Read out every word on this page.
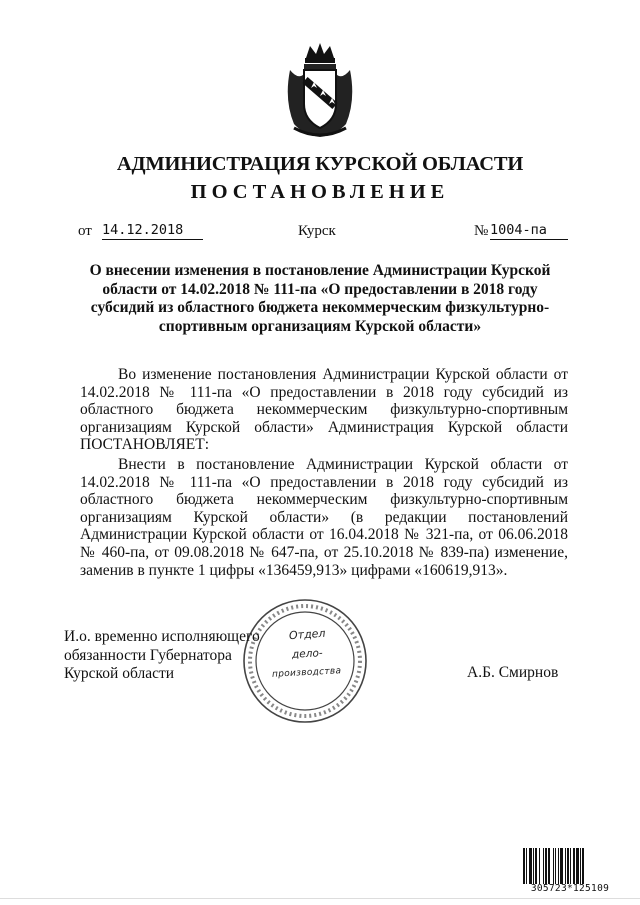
АДМИНИСТРАЦИЯ КУРСКОЙ ОБЛАСТИ
ПОСТАНОВЛЕНИЕ
от 14.12.2018	Курск	№ 1004-па
О внесении изменения в постановление Администрации Курской области от 14.02.2018 № 111-па «О предоставлении в 2018 году субсидий из областного бюджета некоммерческим физкультурно-спортивным организациям Курской области»
Во изменение постановления Администрации Курской области от 14.02.2018 № 111-па «О предоставлении в 2018 году субсидий из областного бюджета некоммерческим физкультурно-спортивным организациям Курской области» Администрация Курской области ПОСТАНОВЛЯЕТ:
Внести в постановление Администрации Курской области от 14.02.2018 № 111-па «О предоставлении в 2018 году субсидий из областного бюджета некоммерческим физкультурно-спортивным организациям Курской области» (в редакции постановлений Администрации Курской области от 16.04.2018 № 321-па, от 06.06.2018 № 460-па, от 09.08.2018 № 647-па, от 25.10.2018 № 839-па) изменение, заменив в пункте 1 цифры «136459,913» цифрами «160619,913».
Отдел
дело-
производства
И.о. временно исполняющего
обязанности Губернатора
Курской области	А.Б. Смирнов
305723*125109
